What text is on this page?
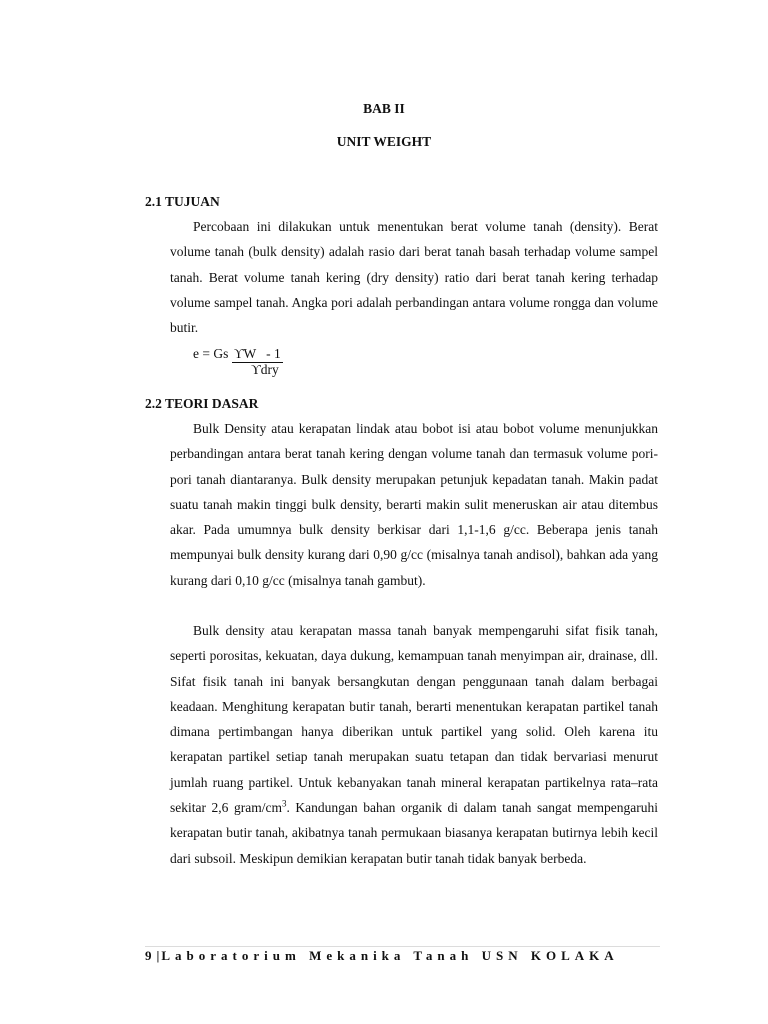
BAB II
UNIT WEIGHT
2.1 TUJUAN

Percobaan ini dilakukan untuk menentukan berat volume tanah (density). Berat volume tanah (bulk density) adalah rasio dari berat tanah basah terhadap volume sampel tanah. Berat volume tanah kering (dry density) ratio dari berat tanah kering terhadap volume sampel tanah. Angka pori adalah perbandingan antara volume rongga dan volume butir.

e = Gs ϒW   - 1
ϒdry
2.2 TEORI DASAR

Bulk Density atau kerapatan lindak atau bobot isi atau bobot volume menunjukkan perbandingan antara berat tanah kering dengan volume tanah dan termasuk volume pori-pori tanah diantaranya. Bulk density merupakan petunjuk kepadatan tanah. Makin padat suatu tanah makin tinggi bulk density, berarti makin sulit meneruskan air atau ditembus akar. Pada umumnya bulk density berkisar dari 1,1-1,6 g/cc. Beberapa jenis tanah mempunyai bulk density kurang dari 0,90 g/cc (misalnya tanah andisol), bahkan ada yang kurang dari 0,10 g/cc (misalnya tanah gambut).

Bulk density atau kerapatan massa tanah banyak mempengaruhi sifat fisik tanah, seperti porositas, kekuatan, daya dukung, kemampuan tanah menyimpan air, drainase, dll. Sifat fisik tanah ini banyak bersangkutan dengan penggunaan tanah dalam berbagai keadaan. Menghitung kerapatan butir tanah, berarti menentukan kerapatan partikel tanah dimana pertimbangan hanya diberikan untuk partikel yang solid. Oleh karena itu kerapatan partikel setiap tanah merupakan suatu tetapan dan tidak bervariasi menurut jumlah ruang partikel. Untuk kebanyakan tanah mineral kerapatan partikelnya rata–rata sekitar 2,6 gram/$cm^3$. Kandungan bahan organik di dalam tanah sangat mempengaruhi kerapatan butir tanah, akibatnya tanah permukaan biasanya kerapatan butirnya lebih kecil dari subsoil. Meskipun demikian kerapatan butir tanah tidak banyak berbeda.

9|Laboratorium Mekanika Tanah USN KOLAKA
